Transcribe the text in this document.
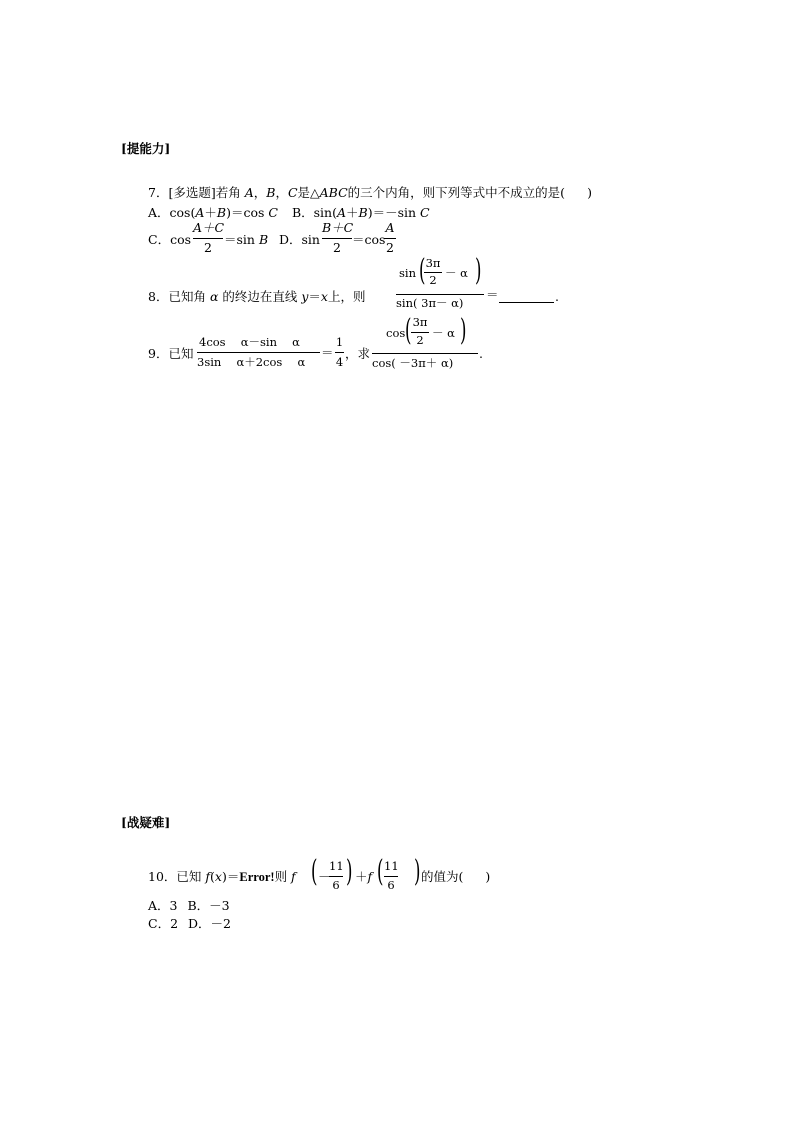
[提能力]
7．[多选题]若角 A，B，C是△ABC的三个内角，则下列等式中不成立的是( )
A．cos(A＋B)＝cos C B．sin(A＋B)＝－sin C
C．cos
A＋C
2
＝sin B D．sin
B＋C
2
＝cos
A
2
8．已知角 α 的终边在直线 y＝x上，则
sin ( 3π
2 － α )
sin( 3π－ α)
＝	.
9．已知
4cos　 α－sin　 α
3sin　 α＋2cos　 α
＝
1
4
，求
cos ( 3π
2 － α )
cos( －3π＋ α)
.
[战疑难]
10．已知 f(x)＝Error!则 f ( －
11
6 ) ＋f ( 11
6 ) 的值为( )
A．3 B．－3
C．2 D．－2
